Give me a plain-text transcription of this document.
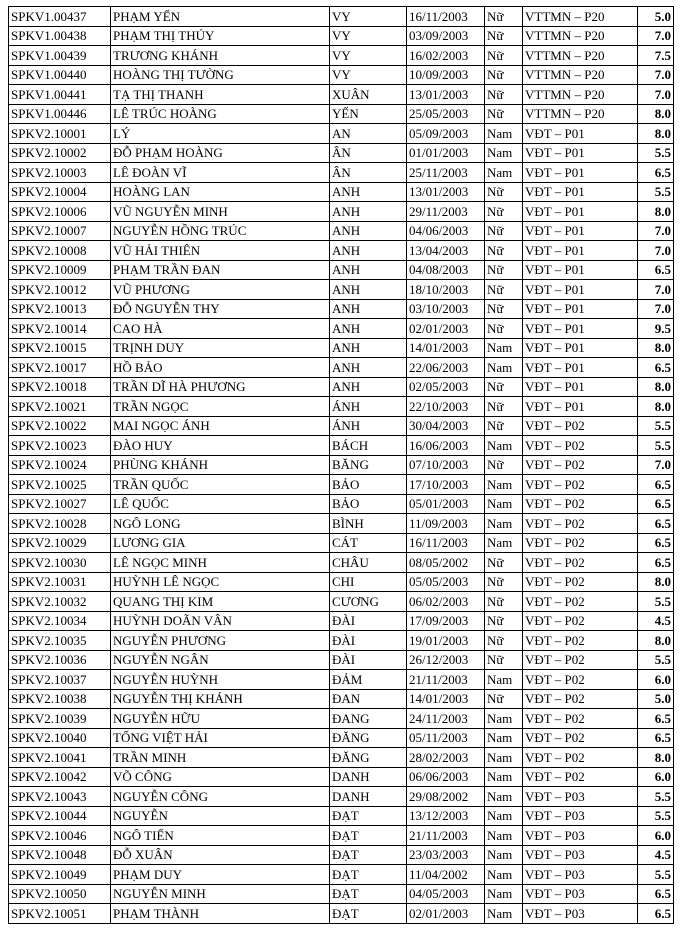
SPKV1.00437	PHẠM YẾN	VY	16/11/2003	Nữ	VTTMN – P20	5.0
SPKV1.00438	PHẠM THỊ THÚY	VY	03/09/2003	Nữ	VTTMN – P20	7.0
SPKV1.00439	TRƯƠNG KHÁNH	VY	16/02/2003	Nữ	VTTMN – P20	7.5
SPKV1.00440	HOÀNG THỊ TƯỜNG	VY	10/09/2003	Nữ	VTTMN – P20	7.0
SPKV1.00441	TẠ THỊ THANH	XUÂN	13/01/2003	Nữ	VTTMN – P20	7.0
SPKV1.00446	LÊ TRÚC HOÀNG	YẾN	25/05/2003	Nữ	VTTMN – P20	8.0
SPKV2.10001	LÝ	AN	05/09/2003	Nam	VĐT – P01	8.0
SPKV2.10002	ĐỖ PHẠM HOÀNG	ÂN	01/01/2003	Nam	VĐT – P01	5.5
SPKV2.10003	LÊ ĐOÀN VĨ	ÂN	25/11/2003	Nam	VĐT – P01	6.5
SPKV2.10004	HOÀNG LAN	ANH	13/01/2003	Nữ	VĐT – P01	5.5
SPKV2.10006	VŨ NGUYỄN MINH	ANH	29/11/2003	Nữ	VĐT – P01	8.0
SPKV2.10007	NGUYỄN HỒNG TRÚC	ANH	04/06/2003	Nữ	VĐT – P01	7.0
SPKV2.10008	VŨ HẢI THIÊN	ANH	13/04/2003	Nữ	VĐT – P01	7.0
SPKV2.10009	PHẠM TRẦN ĐAN	ANH	04/08/2003	Nữ	VĐT – P01	6.5
SPKV2.10012	VŨ PHƯƠNG	ANH	18/10/2003	Nữ	VĐT – P01	7.0
SPKV2.10013	ĐỖ NGUYỄN THY	ANH	03/10/2003	Nữ	VĐT – P01	7.0
SPKV2.10014	CAO HÀ	ANH	02/01/2003	Nữ	VĐT – P01	9.5
SPKV2.10015	TRỊNH DUY	ANH	14/01/2003	Nam	VĐT – P01	8.0
SPKV2.10017	HỒ BẢO	ANH	22/06/2003	Nam	VĐT – P01	6.5
SPKV2.10018	TRẦN DĨ HÀ PHƯƠNG	ANH	02/05/2003	Nữ	VĐT – P01	8.0
SPKV2.10021	TRẦN NGỌC	ÁNH	22/10/2003	Nữ	VĐT – P01	8.0
SPKV2.10022	MAI NGỌC ÁNH	ÁNH	30/04/2003	Nữ	VĐT – P02	5.5
SPKV2.10023	ĐÀO HUY	BÁCH	16/06/2003	Nam	VĐT – P02	5.5
SPKV2.10024	PHÙNG KHÁNH	BĂNG	07/10/2003	Nữ	VĐT – P02	7.0
SPKV2.10025	TRẦN QUỐC	BẢO	17/10/2003	Nam	VĐT – P02	6.5
SPKV2.10027	LÊ QUỐC	BẢO	05/01/2003	Nam	VĐT – P02	6.5
SPKV2.10028	NGÔ LONG	BÌNH	11/09/2003	Nam	VĐT – P02	6.5
SPKV2.10029	LƯƠNG GIA	CÁT	16/11/2003	Nam	VĐT – P02	6.5
SPKV2.10030	LÊ NGỌC MINH	CHÂU	08/05/2002	Nữ	VĐT – P02	6.5
SPKV2.10031	HUỲNH LÊ NGỌC	CHI	05/05/2003	Nữ	VĐT – P02	8.0
SPKV2.10032	QUANG THỊ KIM	CƯƠNG	06/02/2003	Nữ	VĐT – P02	5.5
SPKV2.10034	HUỲNH DOÃN VÂN	ĐÀI	17/09/2003	Nữ	VĐT – P02	4.5
SPKV2.10035	NGUYỄN PHƯƠNG	ĐÀI	19/01/2003	Nữ	VĐT – P02	8.0
SPKV2.10036	NGUYỄN NGÂN	ĐÀI	26/12/2003	Nữ	VĐT – P02	5.5
SPKV2.10037	NGUYỄN HUỲNH	ĐẢM	21/11/2003	Nam	VĐT – P02	6.0
SPKV2.10038	NGUYỄN THỊ KHÁNH	ĐAN	14/01/2003	Nữ	VĐT – P02	5.0
SPKV2.10039	NGUYỄN HỮU	ĐANG	24/11/2003	Nam	VĐT – P02	6.5
SPKV2.10040	TỐNG VIỆT HẢI	ĐĂNG	05/11/2003	Nam	VĐT – P02	6.5
SPKV2.10041	TRẦN MINH	ĐĂNG	28/02/2003	Nam	VĐT – P02	8.0
SPKV2.10042	VÕ CÔNG	DANH	06/06/2003	Nam	VĐT – P02	6.0
SPKV2.10043	NGUYỄN CÔNG	DANH	29/08/2002	Nam	VĐT – P03	5.5
SPKV2.10044	NGUYỄN	ĐẠT	13/12/2003	Nam	VĐT – P03	5.5
SPKV2.10046	NGÔ TIẾN	ĐẠT	21/11/2003	Nam	VĐT – P03	6.0
SPKV2.10048	ĐỖ XUÂN	ĐẠT	23/03/2003	Nam	VĐT – P03	4.5
SPKV2.10049	PHẠM DUY	ĐẠT	11/04/2002	Nam	VĐT – P03	5.5
SPKV2.10050	NGUYỄN MINH	ĐẠT	04/05/2003	Nam	VĐT – P03	6.5
SPKV2.10051	PHẠM THÀNH	ĐẠT	02/01/2003	Nam	VĐT – P03	6.5
